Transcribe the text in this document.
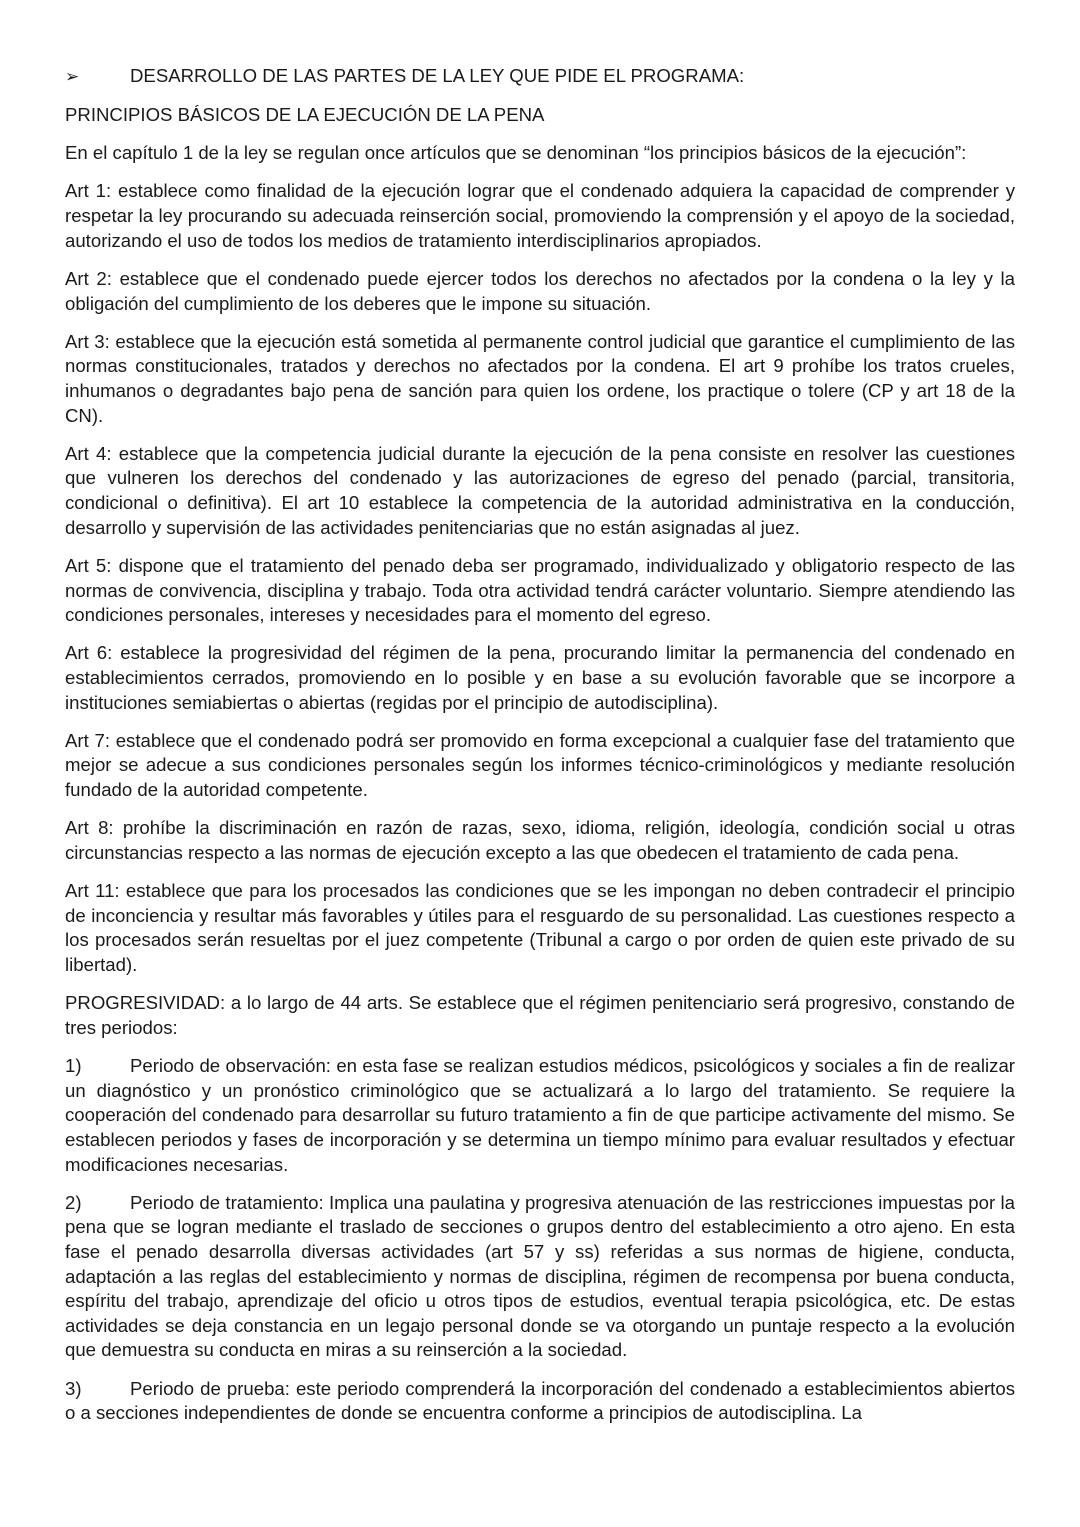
➢	DESARROLLO DE LAS PARTES DE LA LEY QUE PIDE EL PROGRAMA:

PRINCIPIOS BÁSICOS DE LA EJECUCIÓN DE LA PENA

En el capítulo 1 de la ley se regulan once artículos que se denominan “los principios básicos de la ejecución”:

Art 1: establece como finalidad de la ejecución lograr que el condenado adquiera la capacidad de comprender y respetar la ley procurando su adecuada reinserción social, promoviendo la comprensión y el apoyo de la sociedad, autorizando el uso de todos los medios de tratamiento interdisciplinarios apropiados.

Art 2: establece que el condenado puede ejercer todos los derechos no afectados por la condena o la ley y la obligación del cumplimiento de los deberes que le impone su situación.

Art 3: establece que la ejecución está sometida al permanente control judicial que garantice el cumplimiento de las normas constitucionales, tratados y derechos no afectados por la condena. El art 9 prohíbe los tratos crueles, inhumanos o degradantes bajo pena de sanción para quien los ordene, los practique o tolere (CP y art 18 de la CN).

Art 4: establece que la competencia judicial durante la ejecución de la pena consiste en resolver las cuestiones que vulneren los derechos del condenado y las autorizaciones de egreso del penado (parcial, transitoria, condicional o definitiva). El art 10 establece la competencia de la autoridad administrativa en la conducción, desarrollo y supervisión de las actividades penitenciarias que no están asignadas al juez.

Art 5: dispone que el tratamiento del penado deba ser programado, individualizado y obligatorio respecto de las normas de convivencia, disciplina y trabajo. Toda otra actividad tendrá carácter voluntario. Siempre atendiendo las condiciones personales, intereses y necesidades para el momento del egreso.

Art 6: establece la progresividad del régimen de la pena, procurando limitar la permanencia del condenado en establecimientos cerrados, promoviendo en lo posible y en base a su evolución favorable que se incorpore a instituciones semiabiertas o abiertas (regidas por el principio de autodisciplina).

Art 7: establece que el condenado podrá ser promovido en forma excepcional a cualquier fase del tratamiento que mejor se adecue a sus condiciones personales según los informes técnico-criminológicos y mediante resolución fundado de la autoridad competente.

Art 8: prohíbe la discriminación en razón de razas, sexo, idioma, religión, ideología, condición social u otras circunstancias respecto a las normas de ejecución excepto a las que obedecen el tratamiento de cada pena.

Art 11: establece que para los procesados las condiciones que se les impongan no deben contradecir el principio de inconciencia y resultar más favorables y útiles para el resguardo de su personalidad. Las cuestiones respecto a los procesados serán resueltas por el juez competente (Tribunal a cargo o por orden de quien este privado de su libertad).

PROGRESIVIDAD: a lo largo de 44 arts. Se establece que el régimen penitenciario será progresivo, constando de tres periodos:

1)	Periodo de observación: en esta fase se realizan estudios médicos, psicológicos y sociales a fin de realizar un diagnóstico y un pronóstico criminológico que se actualizará a lo largo del tratamiento. Se requiere la cooperación del condenado para desarrollar su futuro tratamiento a fin de que participe activamente del mismo. Se establecen periodos y fases de incorporación y se determina un tiempo mínimo para evaluar resultados y efectuar modificaciones necesarias.

2)	Periodo de tratamiento: Implica una paulatina y progresiva atenuación de las restricciones impuestas por la pena que se logran mediante el traslado de secciones o grupos dentro del establecimiento a otro ajeno. En esta fase el penado desarrolla diversas actividades (art 57 y ss) referidas a sus normas de higiene, conducta, adaptación a las reglas del establecimiento y normas de disciplina, régimen de recompensa por buena conducta, espíritu del trabajo, aprendizaje del oficio u otros tipos de estudios, eventual terapia psicológica, etc. De estas actividades se deja constancia en un legajo personal donde se va otorgando un puntaje respecto a la evolución que demuestra su conducta en miras a su reinserción a la sociedad.

3)	Periodo de prueba: este periodo comprenderá la incorporación del condenado a establecimientos abiertos o a secciones independientes de donde se encuentra conforme a principios de autodisciplina. La
